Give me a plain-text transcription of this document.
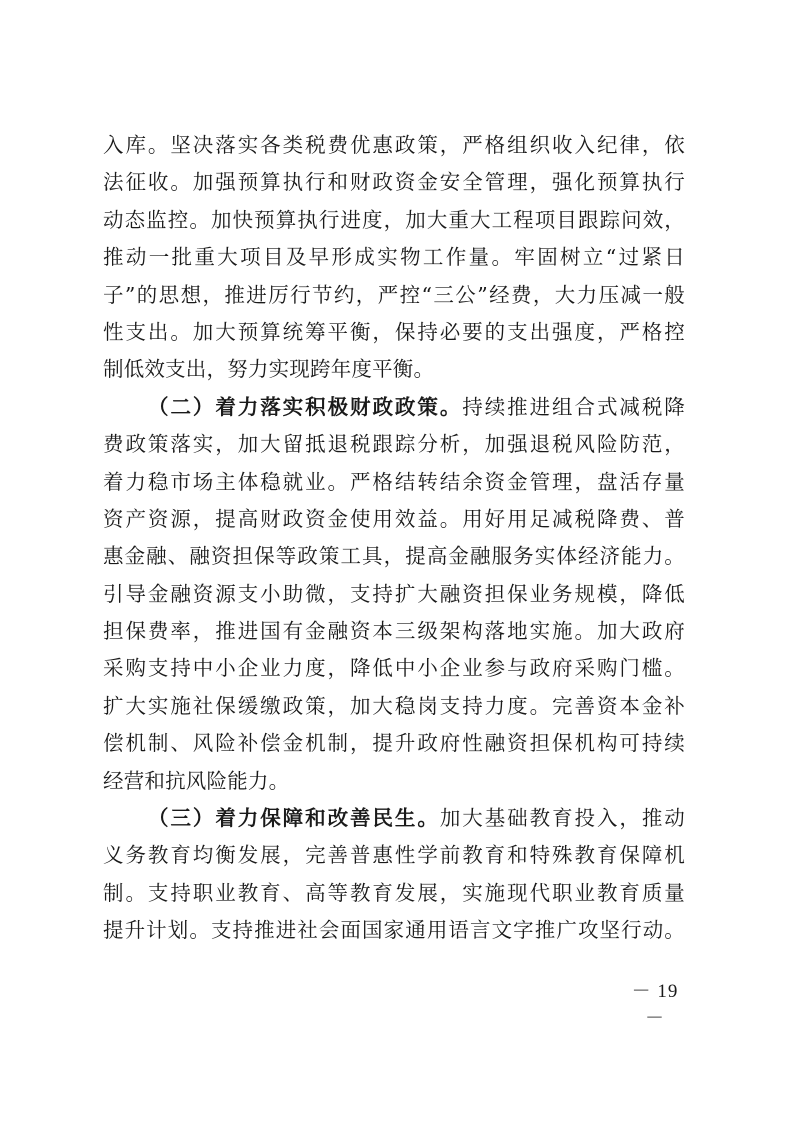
入库。坚决落实各类税费优惠政策，严格组织收入纪律，依
法征收。加强预算执行和财政资金安全管理，强化预算执行
动态监控。加快预算执行进度，加大重大工程项目跟踪问效，
推动一批重大项目及早形成实物工作量。牢固树立“过紧日
子”的思想，推进厉行节约，严控“三公”经费，大力压减一般
性支出。加大预算统筹平衡，保持必要的支出强度，严格控
制低效支出，努力实现跨年度平衡。
（二）着力落实积极财政政策。持续推进组合式减税降
费政策落实，加大留抵退税跟踪分析，加强退税风险防范，
着力稳市场主体稳就业。严格结转结余资金管理，盘活存量
资产资源，提高财政资金使用效益。用好用足减税降费、普
惠金融、融资担保等政策工具，提高金融服务实体经济能力。
引导金融资源支小助微，支持扩大融资担保业务规模，降低
担保费率，推进国有金融资本三级架构落地实施。加大政府
采购支持中小企业力度，降低中小企业参与政府采购门槛。
扩大实施社保缓缴政策，加大稳岗支持力度。完善资本金补
偿机制、风险补偿金机制，提升政府性融资担保机构可持续
经营和抗风险能力。
（三）着力保障和改善民生。加大基础教育投入，推动
义务教育均衡发展，完善普惠性学前教育和特殊教育保障机
制。支持职业教育、高等教育发展，实施现代职业教育质量
提升计划。支持推进社会面国家通用语言文字推广攻坚行动。
－ 19 －
